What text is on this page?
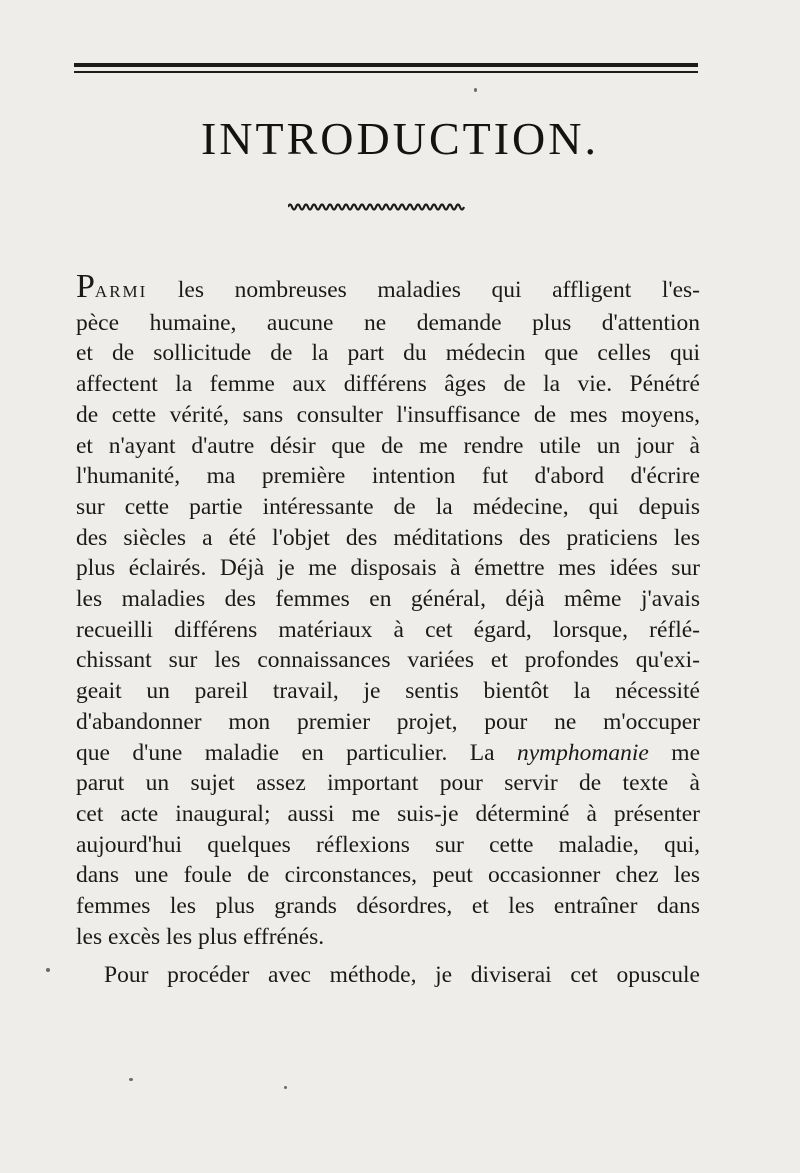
INTRODUCTION.
PARMI les nombreuses maladies qui affligent l'es-
pèce humaine, aucune ne demande plus d'attention
et de sollicitude de la part du médecin que celles qui
affectent la femme aux différens âges de la vie. Pénétré
de cette vérité, sans consulter l'insuffisance de mes moyens,
et n'ayant d'autre désir que de me rendre utile un jour à
l'humanité, ma première intention fut d'abord d'écrire
sur cette partie intéressante de la médecine, qui depuis
des siècles a été l'objet des méditations des praticiens les
plus éclairés. Déjà je me disposais à émettre mes idées sur
les maladies des femmes en général, déjà même j'avais
recueilli différens matériaux à cet égard, lorsque, réflé-
chissant sur les connaissances variées et profondes qu'exi-
geait un pareil travail, je sentis bientôt la nécessité
d'abandonner mon premier projet, pour ne m'occuper
que d'une maladie en particulier. La nymphomanie me
parut un sujet assez important pour servir de texte à
cet acte inaugural; aussi me suis-je déterminé à présenter
aujourd'hui quelques réflexions sur cette maladie, qui,
dans une foule de circonstances, peut occasionner chez les
femmes les plus grands désordres, et les entraîner dans
les excès les plus effrénés.
Pour procéder avec méthode, je diviserai cet opuscule
